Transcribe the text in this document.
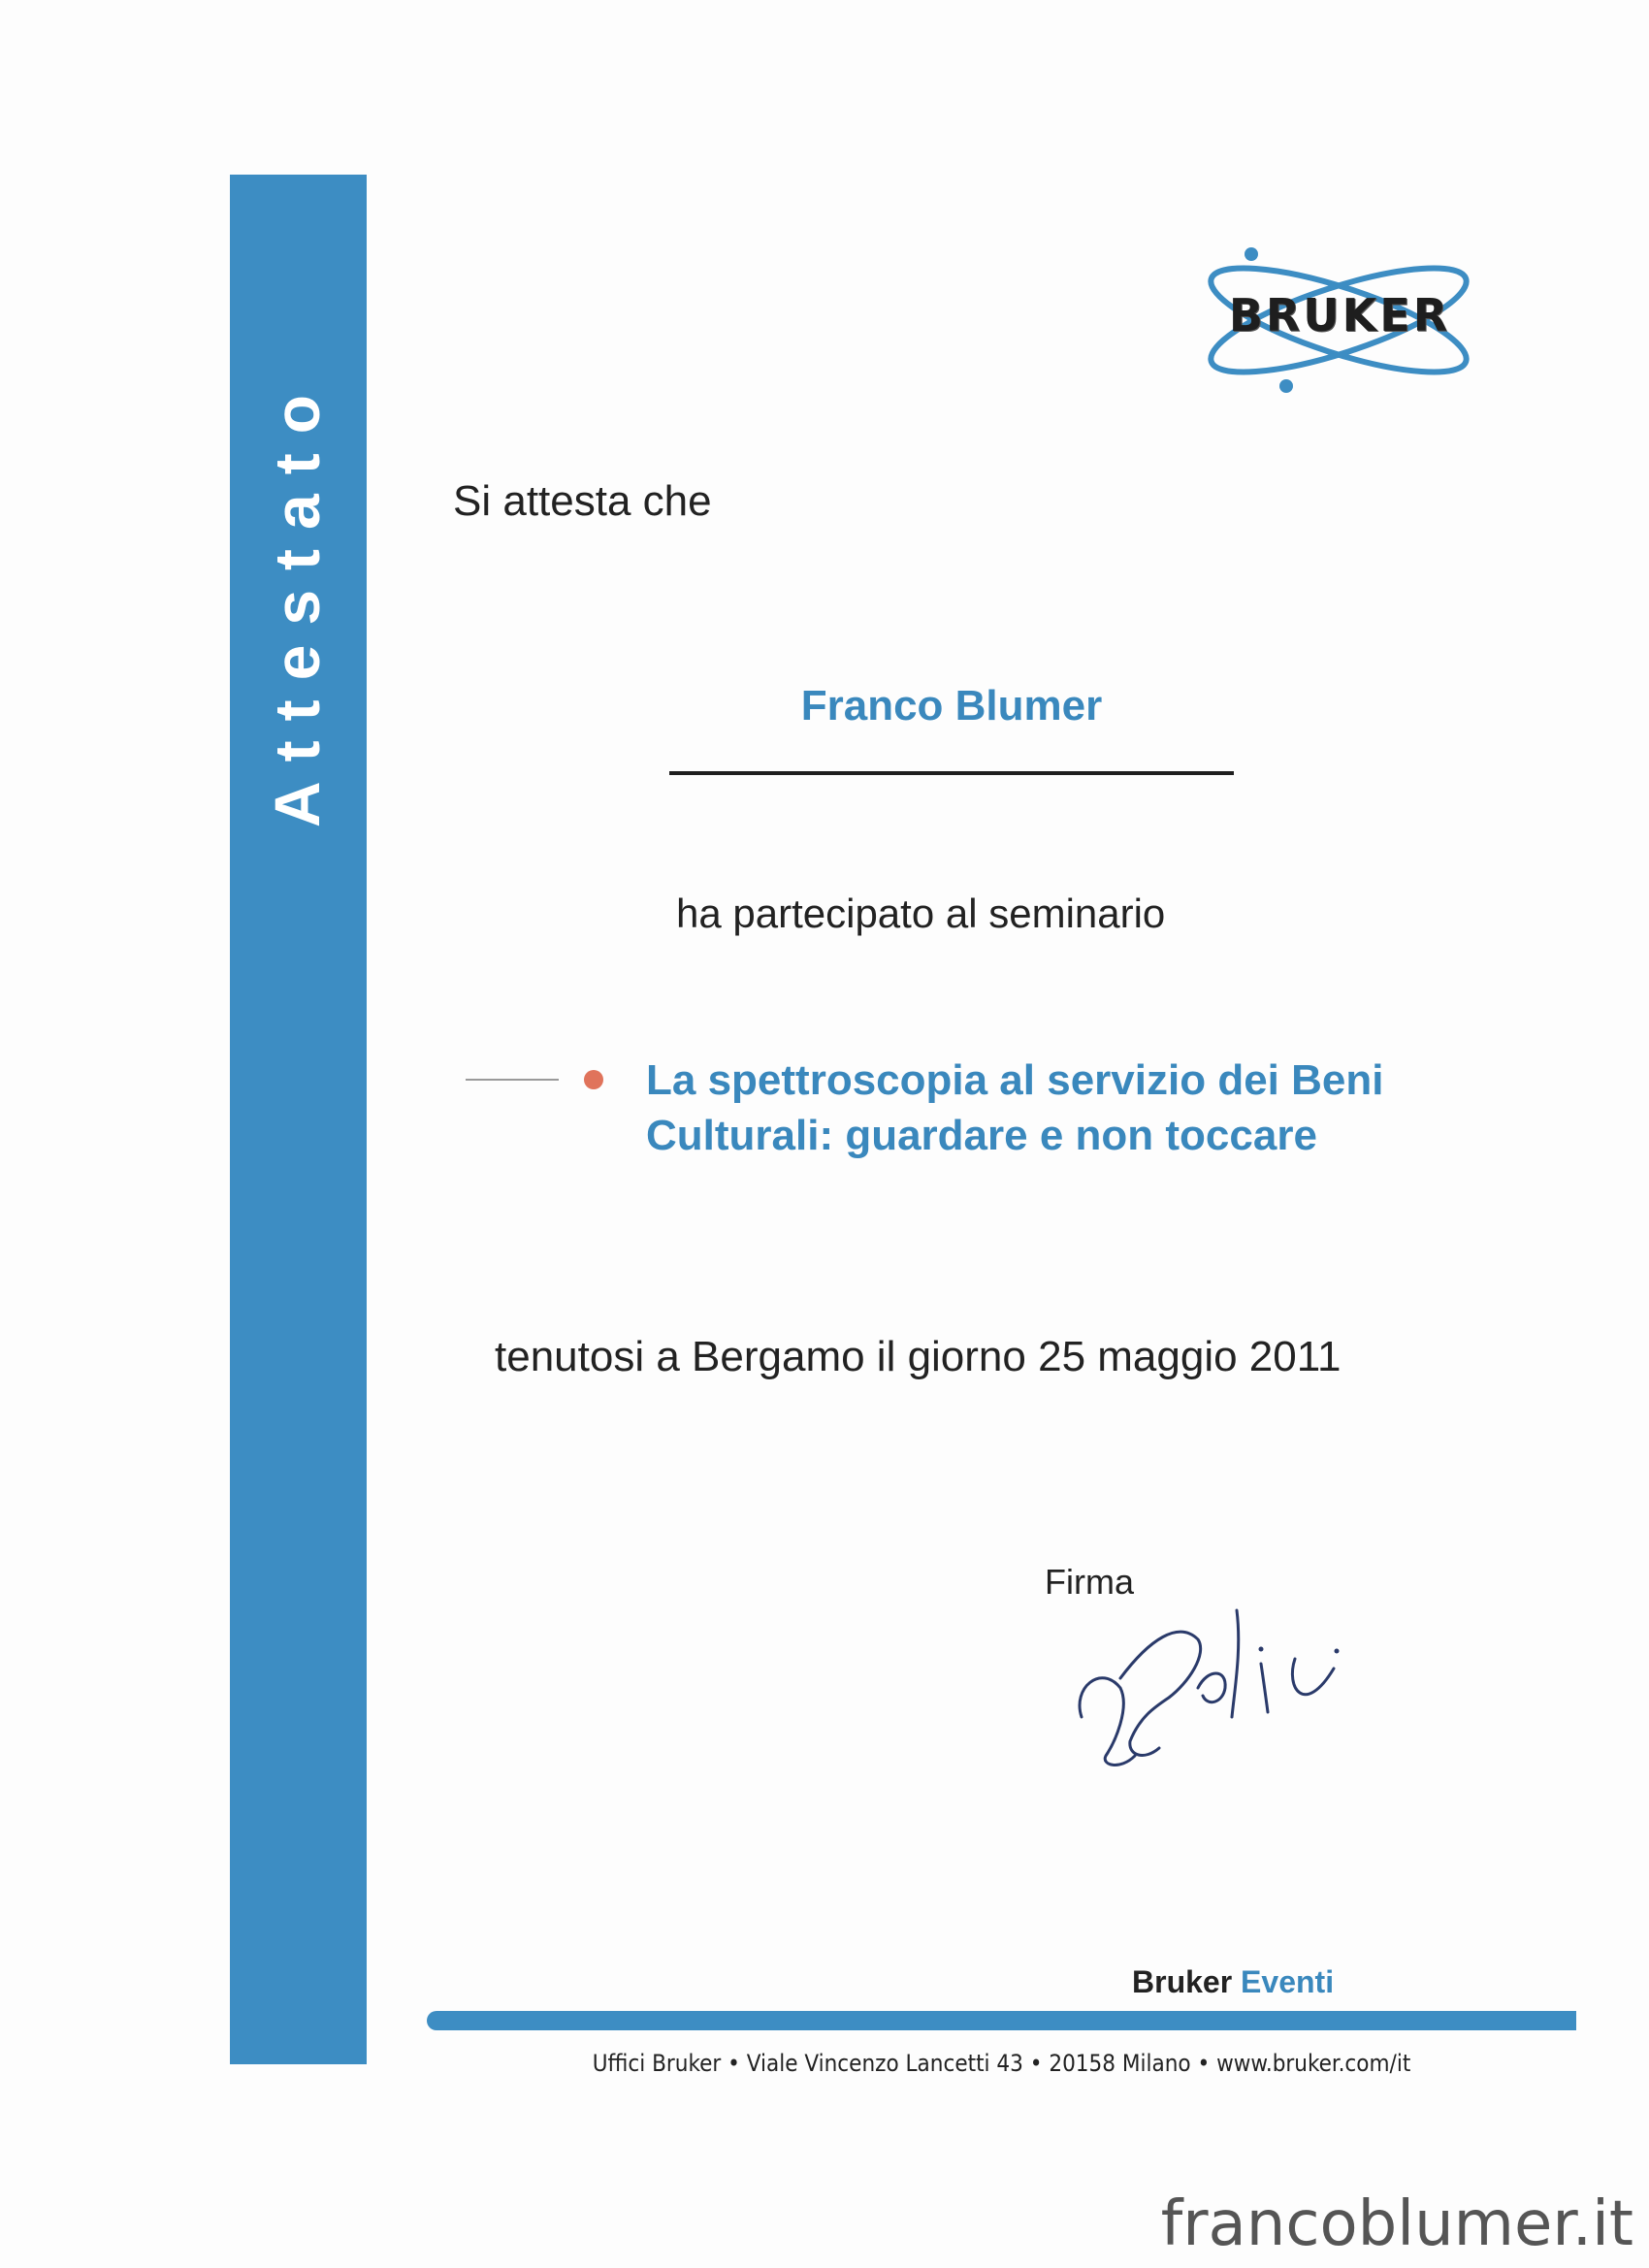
Attestato
BRUKER
Si attesta che
Franco Blumer
ha partecipato al seminario
La spettroscopia al servizio dei Beni
Culturali: guardare e non toccare
tenutosi a Bergamo il giorno 25 maggio 2011
Firma
Bruker Eventi
Uffici Bruker • Viale Vincenzo Lancetti 43 • 20158 Milano • www.bruker.com/it
francoblumer.it
